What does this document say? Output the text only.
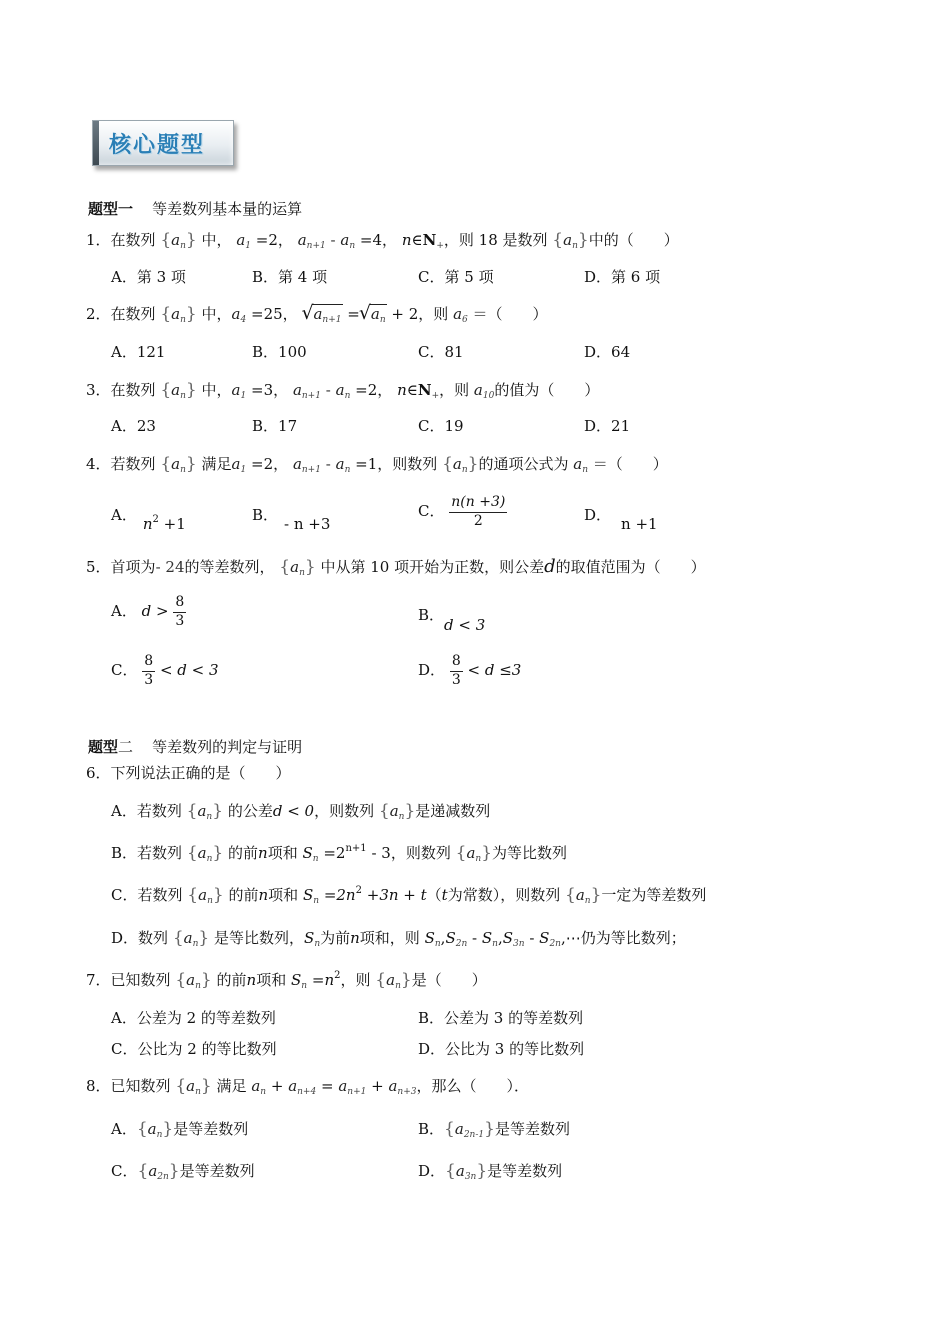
核心题型
题型一 等差数列基本量的运算
1．在数列 $\{a_n\}$ 中， $a_1 =2$， $a_{n+1} - a_n =4$， $n\in N_+$，则 18 是数列 $\{a_n\}$中的（　　）
A．第 3 项	B．第 4 项	C．第 5 项	D．第 6 项
2．在数列 $\{a_n\}$ 中，$a_4 =25$， √ $a_{n+1}$ = √ $a_n + 2$，则 $a_6$ ＝（　　）
A．121	B．100	C．81	D．64
3．在数列 $\{a_n\}$ 中，$a_1 =3$， $a_{n+1} - a_n =2$， $n\in N_+$，则 $a_{10}$的值为（　　）
A．23	B．17	C．19	D．21
4．若数列 $\{a_n\}$ 满足$a_1 =2$， $a_{n+1} - a_n =1$，则数列 $\{a_n\}$的通项公式为 $a_n$ ＝（　　）
A． $n^2 +1$	B． - n +3
C． $\frac{n(n +3)}{2}$	D． n +1
5．首项为- 24的等差数列， $\{a_n\}$ 中从第 10 项开始为正数，则公差d的取值范围为（　　）
A． $d > \frac{8}{3}$	B．d < 3
C． $\frac{8}{3} < d < 3$	D． $\frac{8}{3} < d \le 3$
题型二 等差数列的判定与证明
6．下列说法正确的是（　　）
A．若数列 $\{a_n\}$ 的公差d < 0，则数列 $\{a_n\}$是递减数列
B．若数列 $\{a_n\}$ 的前n项和 $S_n =2^{n+1} - 3$，则数列 $\{a_n\}$为等比数列
C．若数列 $\{a_n\}$ 的前n项和 $S_n =2n^2 +3n + t(t$为常数），则数列 $\{a_n\}$一定为等差数列
D．数列 $\{a_n\}$ 是等比数列，$S_n$为前n项和，则 $S_n,S_{2n} - S_n,S_{3n}$ - $S_{2n},\cdots$仍为等比数列；
7．已知数列 $\{a_n\}$ 的前n项和 $S_n =n^2$，则 $\{a_n\}$是（　　）
A．公差为 2 的等差数列	B．公差为 3 的等差数列
C．公比为 2 的等比数列	D．公比为 3 的等比数列
8．已知数列 $\{a_n\}$ 满足 $a_n + a_{n+4} = a_{n+1} + a_{n+3}$，那么（　　）．
A．$\{a_n\}$是等差数列	B．$\{a_{2n-1}\}$是等差数列
C．$\{a_{2n}\}$是等差数列	D．$\{a_{3n}\}$是等差数列
